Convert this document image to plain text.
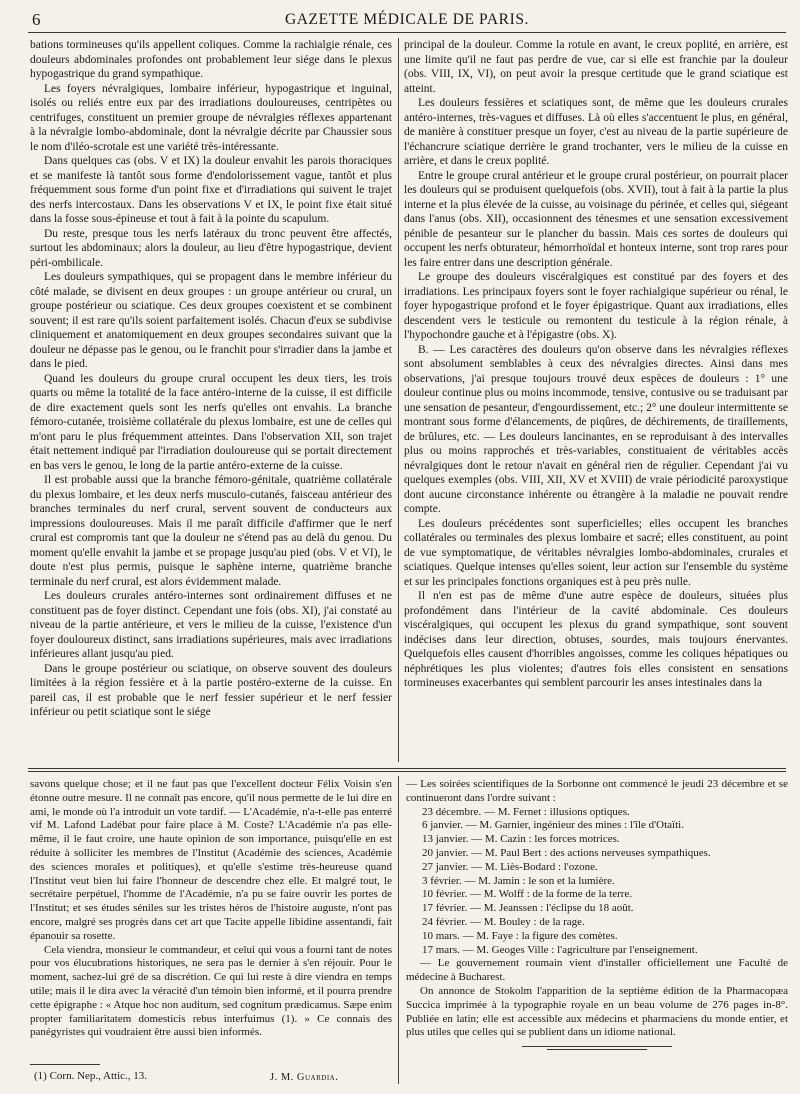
6	GAZETTE MÉDICALE DE PARIS.

bations tormineuses qu'ils appellent coliques. Comme la rachialgie rénale, ces douleurs abdominales profondes ont probablement leur siége dans le plexus hypogastrique du grand sympathique.

Les foyers névralgiques, lombaire inférieur, hypogastrique et inguinal, isolés ou reliés entre eux par des irradiations douloureuses, centripètes ou centrifuges, constituent un premier groupe de névralgies réflexes appartenant à la névralgie lombo-abdominale, dont la névralgie décrite par Chaussier sous le nom d'iléo-scrotale est une variété très-intéressante.

Dans quelques cas (obs. V et IX) la douleur envahit les parois thoraciques et se manifeste là tantôt sous forme d'endolorissement vague, tantôt et plus fréquemment sous forme d'un point fixe et d'irradiations qui suivent le trajet des nerfs intercostaux. Dans les observations V et IX, le point fixe était situé dans la fosse sous-épineuse et tout à fait à la pointe du scapulum.

Du reste, presque tous les nerfs latéraux du tronc peuvent être affectés, surtout les abdominaux; alors la douleur, au lieu d'être hypogastrique, devient péri-ombilicale.

Les douleurs sympathiques, qui se propagent dans le membre inférieur du côté malade, se divisent en deux groupes : un groupe antérieur ou crural, un groupe postérieur ou sciatique. Ces deux groupes coexistent et se combinent souvent; il est rare qu'ils soient parfaitement isolés. Chacun d'eux se subdivise cliniquement et anatomiquement en deux groupes secondaires suivant que la douleur ne dépasse pas le genou, ou le franchit pour s'irradier dans la jambe et dans le pied.

Quand les douleurs du groupe crural occupent les deux tiers, les trois quarts ou même la totalité de la face antéro-interne de la cuisse, il est difficile de dire exactement quels sont les nerfs qu'elles ont envahis. La branche fémoro-cutanée, troisième collatérale du plexus lombaire, est une de celles qui m'ont paru le plus fréquemment atteintes. Dans l'observation XII, son trajet était nettement indiqué par l'irradiation douloureuse qui se portait directement en bas vers le genou, le long de la partie antéro-externe de la cuisse.

Il est probable aussi que la branche fémoro-génitale, quatrième collatérale du plexus lombaire, et les deux nerfs musculo-cutanés, faisceau antérieur des branches terminales du nerf crural, servent souvent de conducteurs aux impressions douloureuses. Mais il me paraît difficile d'affirmer que le nerf crural est compromis tant que la douleur ne s'étend pas au delà du genou. Du moment qu'elle envahit la jambe et se propage jusqu'au pied (obs. V et VI), le doute n'est plus permis, puisque le saphène interne, quatrième branche terminale du nerf crural, est alors évidemment malade.

Les douleurs crurales antéro-internes sont ordinairement diffuses et ne constituent pas de foyer distinct. Cependant une fois (obs. XI), j'ai constaté au niveau de la partie antérieure, et vers le milieu de la cuisse, l'existence d'un foyer douloureux distinct, sans irradiations supérieures, mais avec irradiations inférieures allant jusqu'au pied.

Dans le groupe postérieur ou sciatique, on observe souvent des douleurs limitées à la région fessière et à la partie postéro-externe de la cuisse. En pareil cas, il est probable que le nerf fessier supérieur et le nerf fessier inférieur ou petit sciatique sont le siége

principal de la douleur. Comme la rotule en avant, le creux poplité, en arrière, est une limite qu'il ne faut pas perdre de vue, car si elle est franchie par la douleur (obs. VIII, IX, VI), on peut avoir la presque certitude que le grand sciatique est atteint.

Les douleurs fessières et sciatiques sont, de même que les douleurs crurales antéro-internes, très-vagues et diffuses. Là où elles s'accentuent le plus, en général, de manière à constituer presque un foyer, c'est au niveau de la partie supérieure de l'échancrure sciatique derrière le grand trochanter, vers le milieu de la cuisse en arrière, et dans le creux poplité.

Entre le groupe crural antérieur et le groupe crural postérieur, on pourrait placer les douleurs qui se produisent quelquefois (obs. XVII), tout à fait à la partie la plus interne et la plus élevée de la cuisse, au voisinage du périnée, et celles qui, siégeant dans l'anus (obs. XII), occasionnent des ténesmes et une sensation excessivement pénible de pesanteur sur le plancher du bassin. Mais ces sortes de douleurs qui occupent les nerfs obturateur, hémorrhoïdal et honteux interne, sont trop rares pour les faire entrer dans une description générale.

Le groupe des douleurs viscéralgiques est constitué par des foyers et des irradiations. Les principaux foyers sont le foyer rachialgique supérieur ou rénal, le foyer hypogastrique profond et le foyer épigastrique. Quant aux irradiations, elles descendent vers le testicule ou remontent du testicule à la région rénale, à l'hypochondre gauche et à l'épigastre (obs. X).

B. — Les caractères des douleurs qu'on observe dans les névralgies réflexes sont absolument semblables à ceux des névralgies directes. Ainsi dans mes observations, j'ai presque toujours trouvé deux espèces de douleurs : 1° une douleur continue plus ou moins incommode, tensive, contusive ou se traduisant par une sensation de pesanteur, d'engourdissement, etc.; 2° une douleur intermittente se montrant sous forme d'élancements, de piqûres, de déchirements, de tiraillements, de brûlures, etc. — Les douleurs lancinantes, en se reproduisant à des intervalles plus ou moins rapprochés et très-variables, constituaient de véritables accès névralgiques dont le retour n'avait en général rien de régulier. Cependant j'ai vu quelques exemples (obs. VIII, XII, XV et XVIII) de vraie périodicité paroxystique dont aucune circonstance inhérente ou étrangère à la maladie ne pouvait rendre compte.

Les douleurs précédentes sont superficielles; elles occupent les branches collatérales ou terminales des plexus lombaire et sacré; elles constituent, au point de vue symptomatique, de véritables névralgies lombo-abdominales, crurales et sciatiques. Quelque intenses qu'elles soient, leur action sur l'ensemble du système et sur les principales fonctions organiques est à peu près nulle.

Il n'en est pas de même d'une autre espèce de douleurs, situées plus profondément dans l'intérieur de la cavité abdominale. Ces douleurs viscéralgiques, qui occupent les plexus du grand sympathique, sont souvent indécises dans leur direction, obtuses, sourdes, mais toujours énervantes. Quelquefois elles causent d'horribles angoisses, comme les coliques hépatiques ou néphrétiques les plus violentes; d'autres fois elles consistent en sensations tormineuses exacerbantes qui semblent parcourir les anses intestinales dans la

savons quelque chose; et il ne faut pas que l'excellent docteur Félix Voisin s'en étonne outre mesure. Il ne connaît pas encore, qu'il nous permette de le lui dire en ami, le monde où l'a introduit un vote tardif. — L'Académie, n'a-t-elle pas enterré vif M. Lafond Ladébat pour faire place à M. Coste? L'Académie n'a pas elle-même, il le faut croire, une haute opinion de son importance, puisqu'elle en est réduite à solliciter les membres de l'Institut (Académie des sciences, Académie des sciences morales et politiques), et qu'elle s'estime très-heureuse quand l'Institut veut bien lui faire l'honneur de descendre chez elle. Et malgré tout, le secrétaire perpétuel, l'homme de l'Académie, n'a pu se faire ouvrir les portes de l'Institut; et ses études séniles sur les tristes héros de l'histoire auguste, n'ont pas encore, malgré ses progrès dans cet art que Tacite appelle libidine assentandi, fait épanouir sa rosette.

Cela viendra, monsieur le commandeur, et celui qui vous a fourni tant de notes pour vos élucubrations historiques, ne sera pas le dernier à s'en réjouir. Pour le moment, sachez-lui gré de sa discrétion. Ce qui lui reste à dire viendra en temps utile; mais il le dira avec la véracité d'un témoin bien informé, et il pourra prendre cette épigraphe : « Atque hoc non auditum, sed cognitum prædicamus. Sæpe enim propter familiaritatem domesticis rebus interfuimus (1). » Ce connais des panégyristes qui voudraient être aussi bien informés.

— Les soirées scientifiques de la Sorbonne ont commencé le jeudi 23 décembre et se continueront dans l'ordre suivant :

23 décembre. — M. Fernet : illusions optiques.
6 janvier. — M. Garnier, ingénieur des mines : l'île d'Otaïti.
13 janvier. — M. Cazin : les forces motrices.
20 janvier. — M. Paul Bert : des actions nerveuses sympathiques.
27 janvier. — M. Liès-Bodard : l'ozone.
3 février. — M. Jamin : le son et la lumière.
10 février. — M. Wolff : de la forme de la terre.
17 février. — M. Jeanssen : l'éclipse du 18 août.
24 février. — M. Bouley : de la rage.
10 mars. — M. Faye : la figure des comètes.
17 mars. — M. Geoges Ville : l'agriculture par l'enseignement.

— Le gouvernement roumain vient d'installer officiellement une Faculté de médecine à Bucharest.

On annonce de Stokolm l'apparition de la septième édition de la Pharmacopæa Succica imprimée à la typographie royale en un beau volume de 276 pages in-8°. Publiée en latin; elle est accessible aux médecins et pharmaciens du monde entier, et plus utiles que celles qui se publient dans un idiome national.

(1) Corn. Nep., Attic., 13.	J. M. Guardia.
